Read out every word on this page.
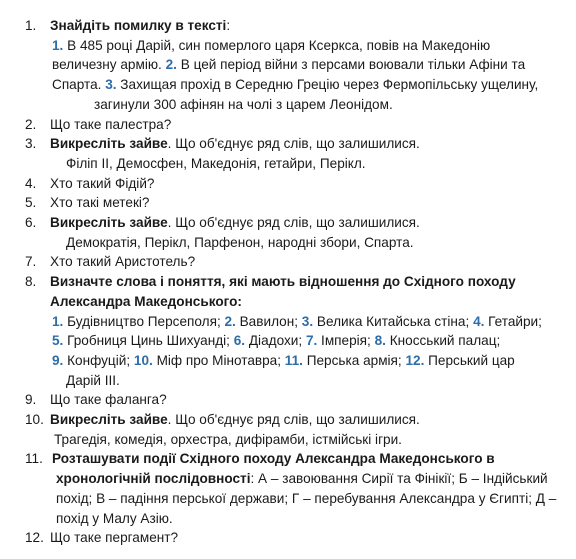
1. Знайдіть помилку в тексті:
1. В 485 році Дарій, син померлого царя Ксеркса, повів на Македонію
величезну армію. 2. В цей період війни з персами воювали тільки Афіни та
Спарта. 3. Захищая прохід в Середню Грецію через Фермопільську ущелину,
загинули 300 афінян на чолі з царем Леонідом.
2. Що таке палестра?
3. Викресліть зайве. Що об'єднує ряд слів, що залишилися.
Філіп ІІ, Демосфен, Македонія, гетайри, Перікл.
4. Хто такий Фідій?
5. Хто такі метекі?
6. Викресліть зайве. Що об'єднує ряд слів, що залишилися.
Демократія, Перікл, Парфенон, народні збори, Спарта.
7. Хто такий Аристотель?
8. Визначте слова і поняття, які мають відношення до Східного походу Александра Македонського:
1. Будівництво Персеполя; 2. Вавилон; 3. Велика Китайська стіна; 4. Гетайри;
5. Гробниця Цинь Шихуанді; 6. Діадохи; 7. Імперія; 8. Кносський палац;
9. Конфуцій; 10. Міф про Мінотавра; 11. Перська армія; 12. Перський цар
Дарій ІІІ.
9. Що таке фаланга?
10. Викресліть зайве. Що об'єднує ряд слів, що залишилися.
Трагедія, комедія, орхестра, дифірамби, істмійські ігри.
11. Розташувати події Східного походу Александра Македонського в хронологічній послідовності: А – завоювання Сирії та Фінікії; Б – Індійський похід; В – падіння перської держави; Г – перебування Александра у Єгипті; Д – похід у Малу Азію.
12. Що таке пергамент?
